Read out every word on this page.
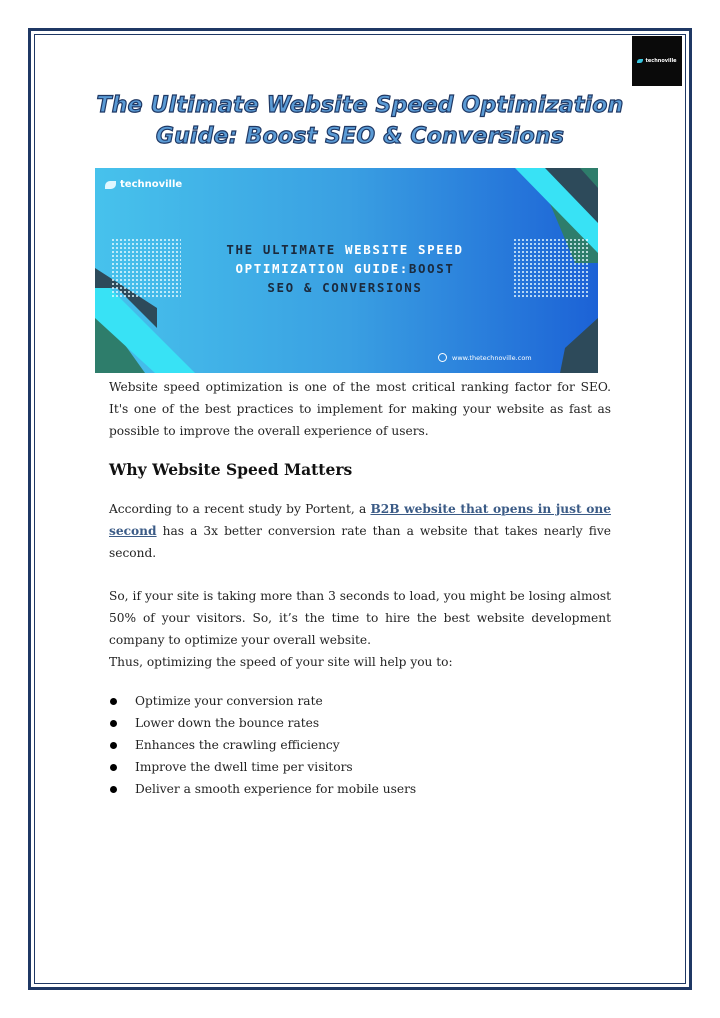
technoville
The Ultimate Website Speed Optimization
Guide: Boost SEO & Conversions
technoville
THE ULTIMATE WEBSITE SPEED
OPTIMIZATION GUIDE:BOOST
SEO & CONVERSIONS
www.thetechnoville.com
Website speed optimization is one of the most critical ranking factor for SEO. It's one of the best practices to implement for making your website as fast as possible to improve the overall experience of users.
Why Website Speed Matters
According to a recent study by Portent, a B2B website that opens in just one second has a 3x better conversion rate than a website that takes nearly five second.
So, if your site is taking more than 3 seconds to load, you might be losing almost 50% of your visitors. So, it’s the time to hire the best website development company to optimize your overall website.
Thus, optimizing the speed of your site will help you to:
Optimize your conversion rate
Lower down the bounce rates
Enhances the crawling efficiency
Improve the dwell time per visitors
Deliver a smooth experience for mobile users
